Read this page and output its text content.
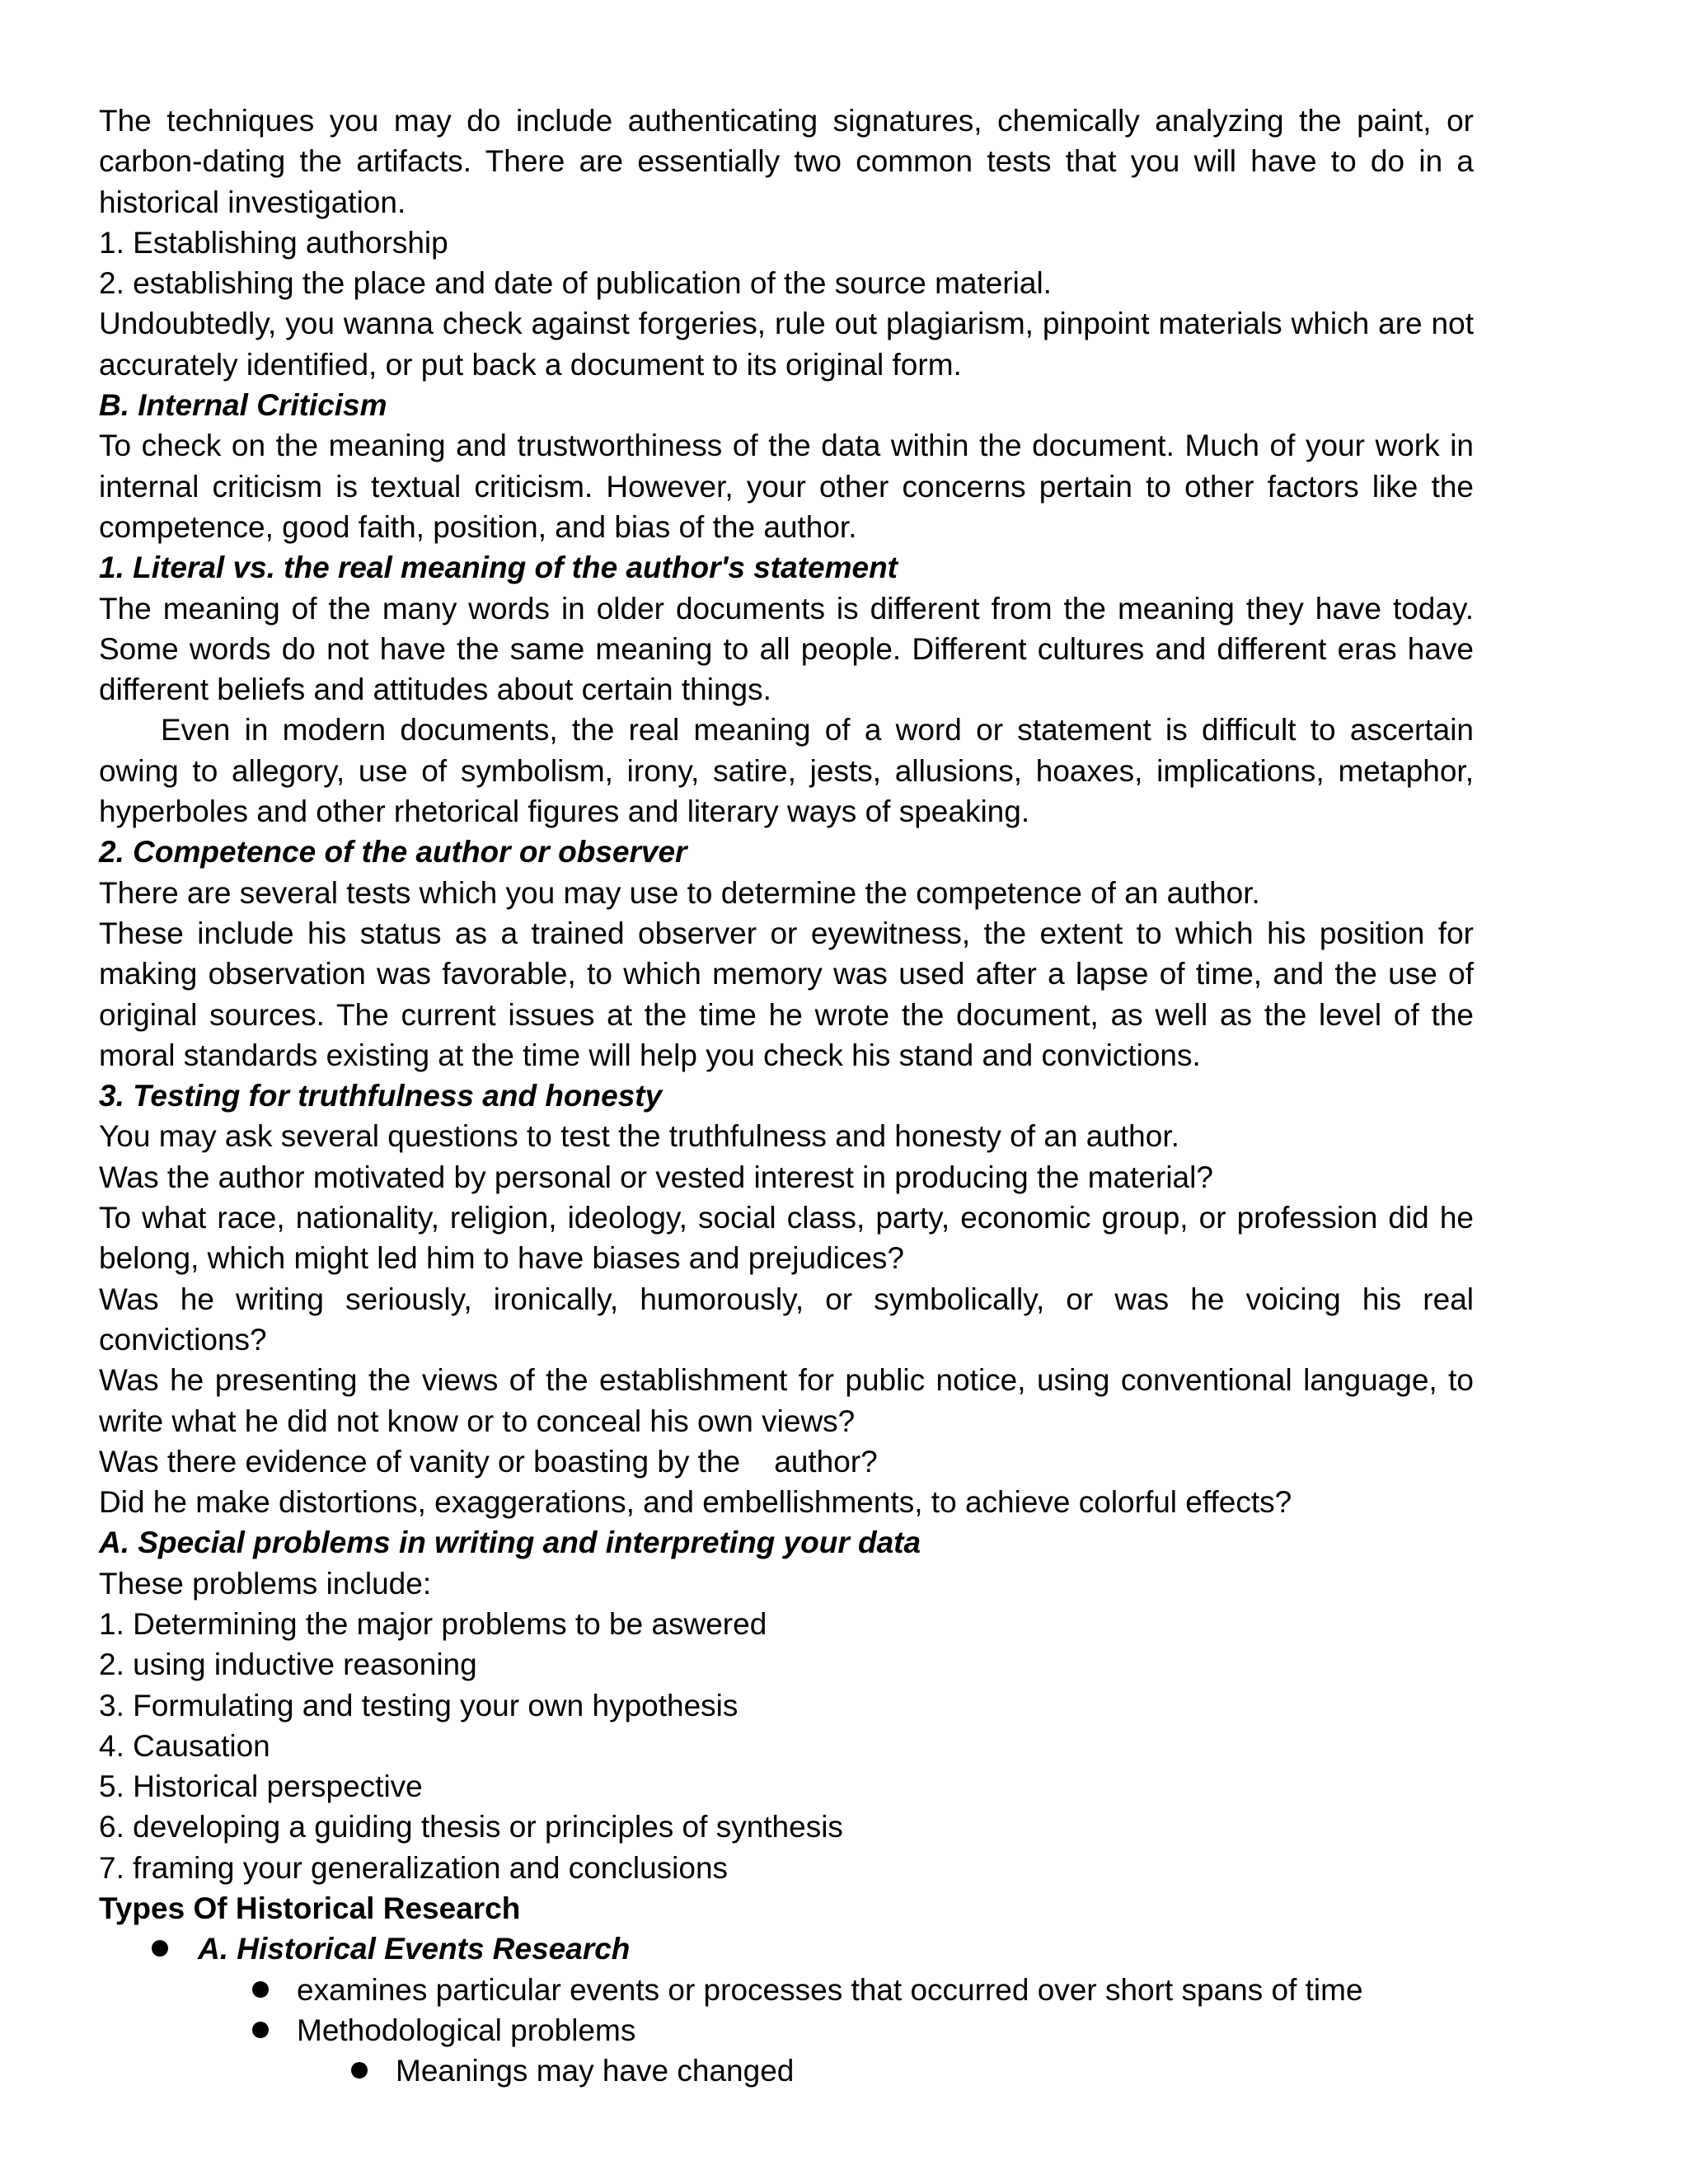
The techniques you may do include authenticating signatures, chemically analyzing the paint, or carbon-dating the artifacts. There are essentially two common tests that you will have to do in a historical investigation.

1. Establishing authorship
2. establishing the place and date of publication of the source material.

Undoubtedly, you wanna check against forgeries, rule out plagiarism, pinpoint materials which are not accurately identified, or put back a document to its original form.

B. Internal Criticism

To check on the meaning and trustworthiness of the data within the document. Much of your work in internal criticism is textual criticism. However, your other concerns pertain to other factors like the competence, good faith, position, and bias of the author.

1. Literal vs. the real meaning of the author's statement

The meaning of the many words in older documents is different from the meaning they have today. Some words do not have the same meaning to all people. Different cultures and different eras have different beliefs and attitudes about certain things.

Even in modern documents, the real meaning of a word or statement is difficult to ascertain owing to allegory, use of symbolism, irony, satire, jests, allusions, hoaxes, implications, metaphor, hyperboles and other rhetorical figures and literary ways of speaking.

2. Competence of the author or observer

There are several tests which you may use to determine the competence of an author.

These include his status as a trained observer or eyewitness, the extent to which his position for making observation was favorable, to which memory was used after a lapse of time, and the use of original sources. The current issues at the time he wrote the document, as well as the level of the moral standards existing at the time will help you check his stand and convictions.

3. Testing for truthfulness and honesty

You may ask several questions to test the truthfulness and honesty of an author.

Was the author motivated by personal or vested interest in producing the material?

To what race, nationality, religion, ideology, social class, party, economic group, or profession did he belong, which might led him to have biases and prejudices?

Was he writing seriously, ironically, humorously, or symbolically, or was he voicing his real convictions?

Was he presenting the views of the establishment for public notice, using conventional language, to write what he did not know or to conceal his own views?

Was there evidence of vanity or boasting by the    author?

Did he make distortions, exaggerations, and embellishments, to achieve colorful effects?

A. Special problems in writing and interpreting your data
These problems include:
1. Determining the major problems to be aswered
2. using inductive reasoning
3. Formulating and testing your own hypothesis
4. Causation
5. Historical perspective
6. developing a guiding thesis or principles of synthesis
7. framing your generalization and conclusions
Types Of Historical Research
A. Historical Events Research
examines particular events or processes that occurred over short spans of time
Methodological problems
Meanings may have changed
